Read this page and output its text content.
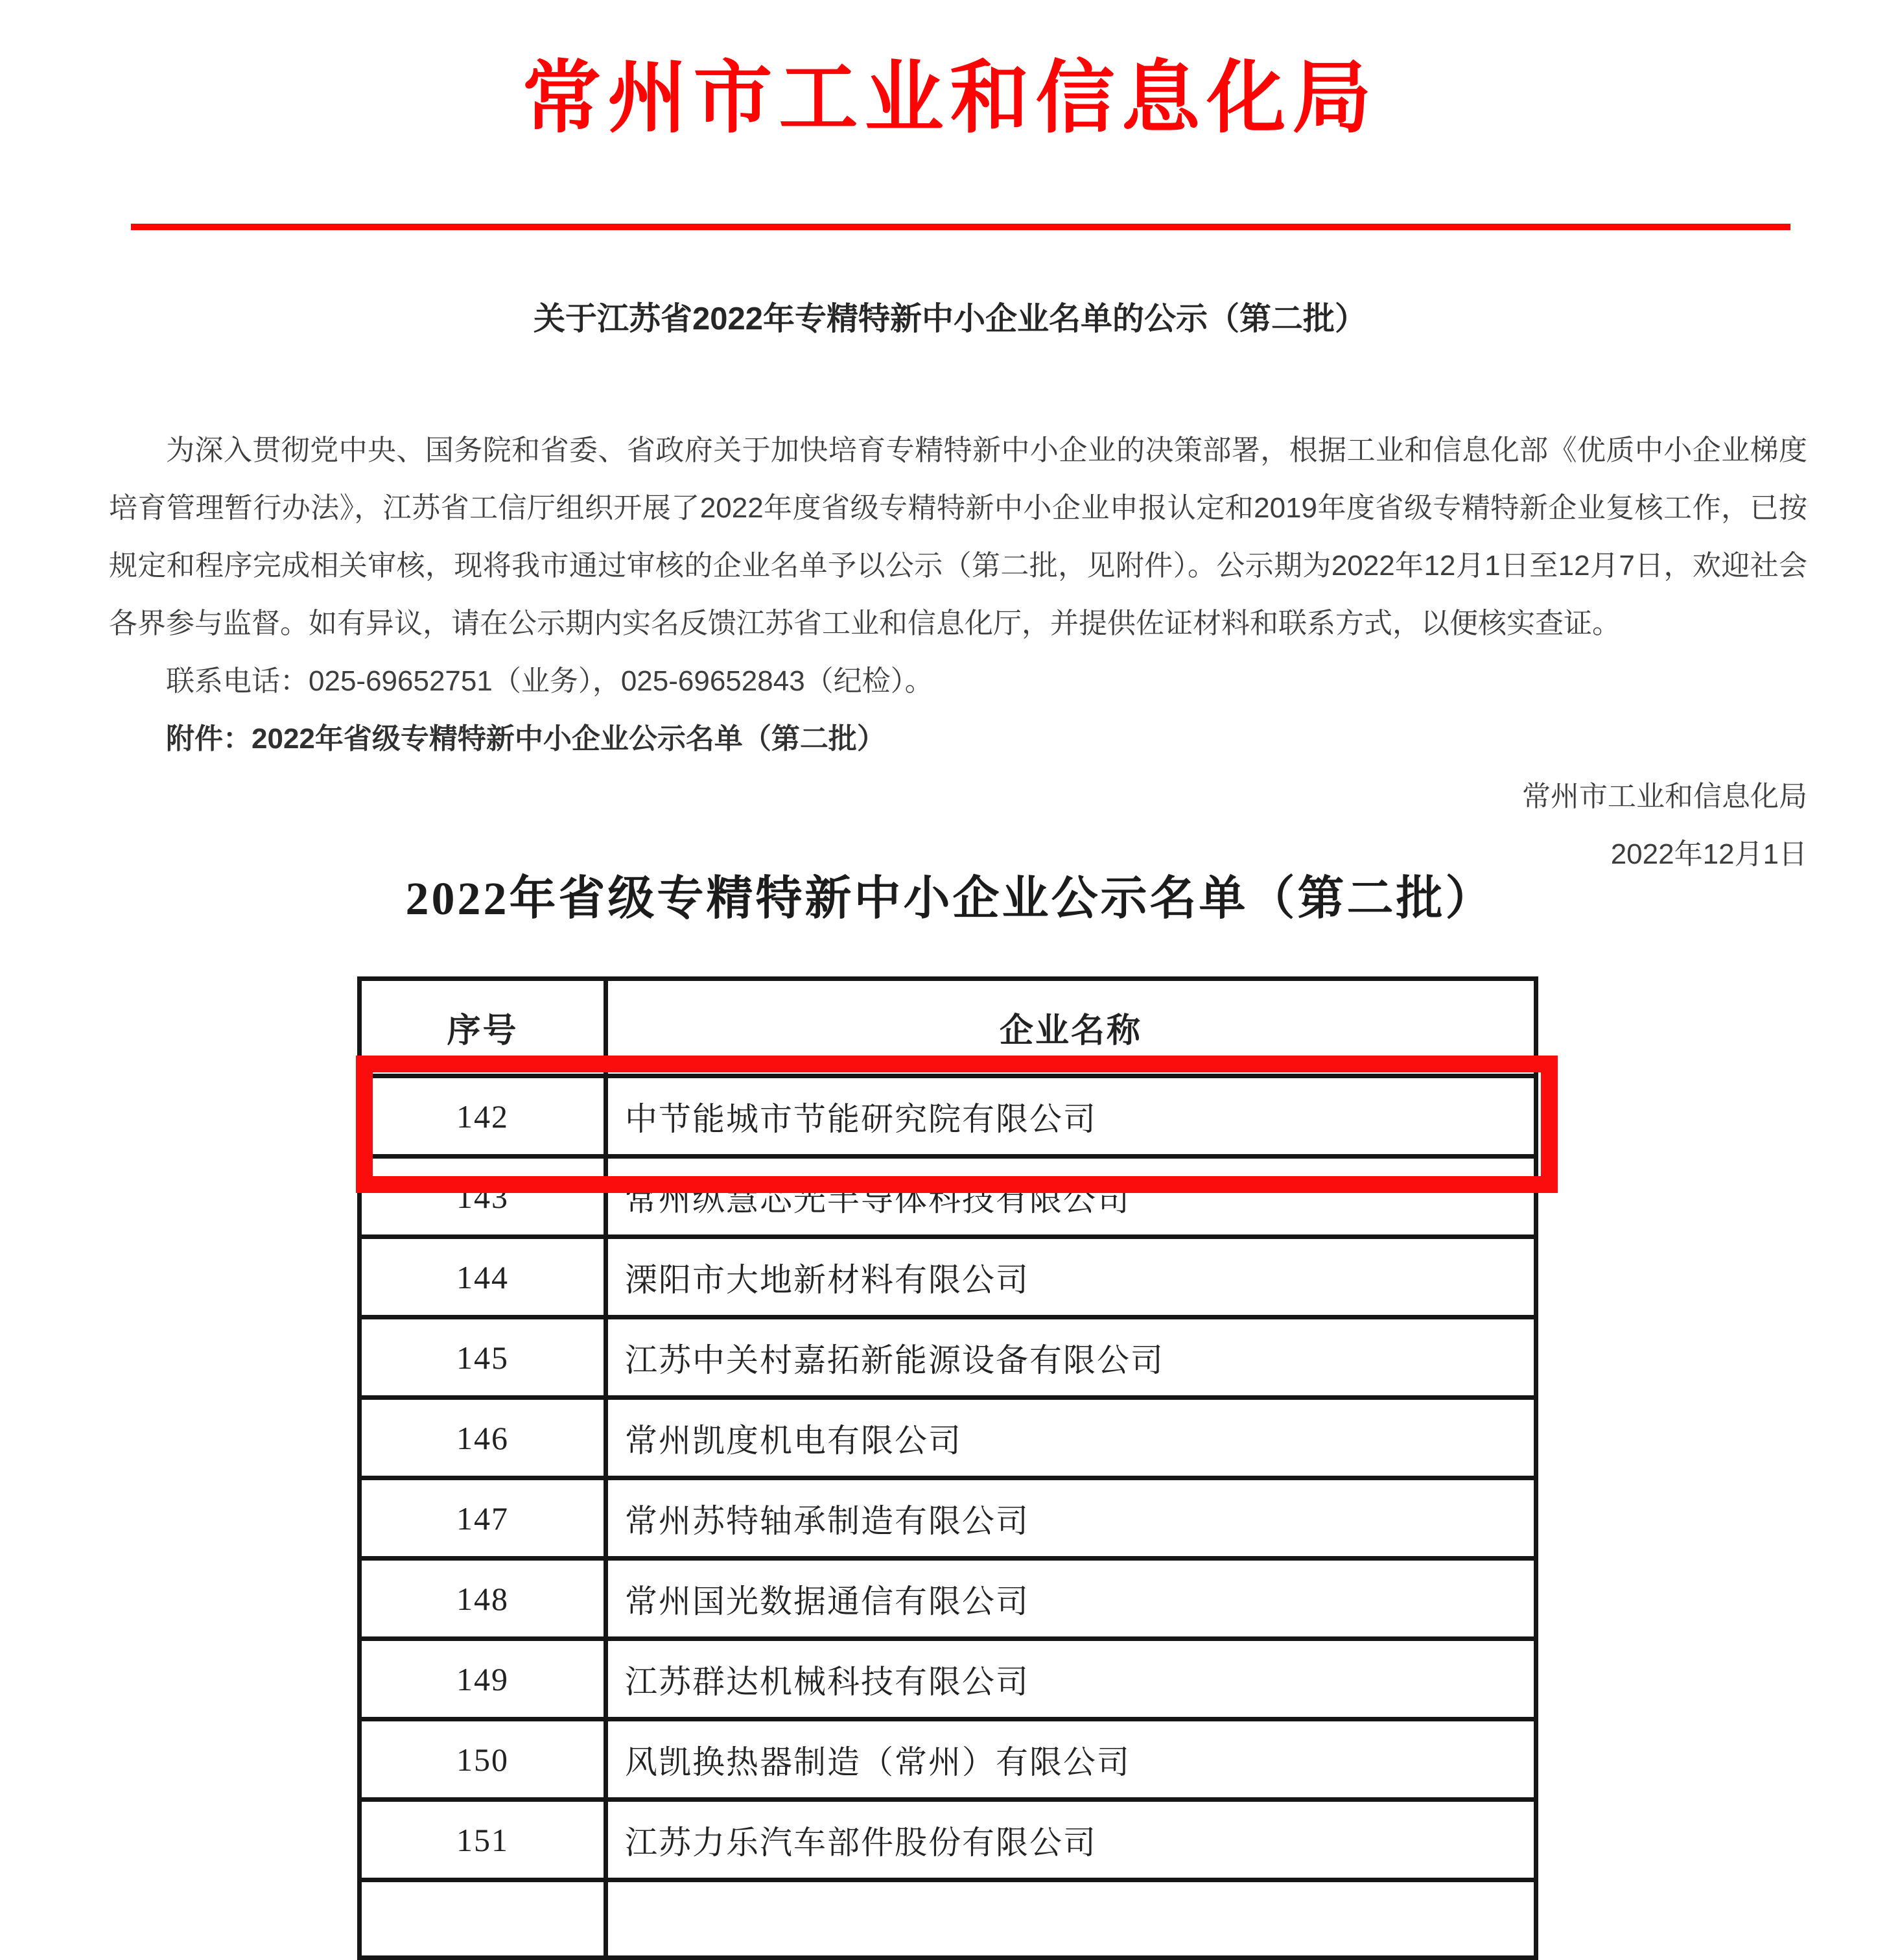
常州市工业和信息化局
关于江苏省2022年专精特新中小企业名单的公示（第二批）

为深入贯彻党中央、国务院和省委、省政府关于加快培育专精特新中小企业的决策部署，根据工业和信息化部《优质中小企业梯度培育管理暂行办法》，江苏省工信厅组织开展了2022年度省级专精特新中小企业申报认定和2019年度省级专精特新企业复核工作，已按规定和程序完成相关审核，现将我市通过审核的企业名单予以公示（第二批，见附件）。公示期为2022年12月1日至12月7日，欢迎社会各界参与监督。如有异议，请在公示期内实名反馈江苏省工业和信息化厅，并提供佐证材料和联系方式，以便核实查证。

联系电话：025-69652751（业务），025-69652843（纪检）。

附件：2022年省级专精特新中小企业公示名单（第二批）

常州市工业和信息化局

2022年12月1日

2022年省级专精特新中小企业公示名单（第二批）
序号	企业名称
142	中节能城市节能研究院有限公司
143	常州纵慧芯光半导体科技有限公司
144	溧阳市大地新材料有限公司
145	江苏中关村嘉拓新能源设备有限公司
146	常州凯度机电有限公司
147	常州苏特轴承制造有限公司
148	常州国光数据通信有限公司
149	江苏群达机械科技有限公司
150	风凯换热器制造（常州）有限公司
151	江苏力乐汽车部件股份有限公司
